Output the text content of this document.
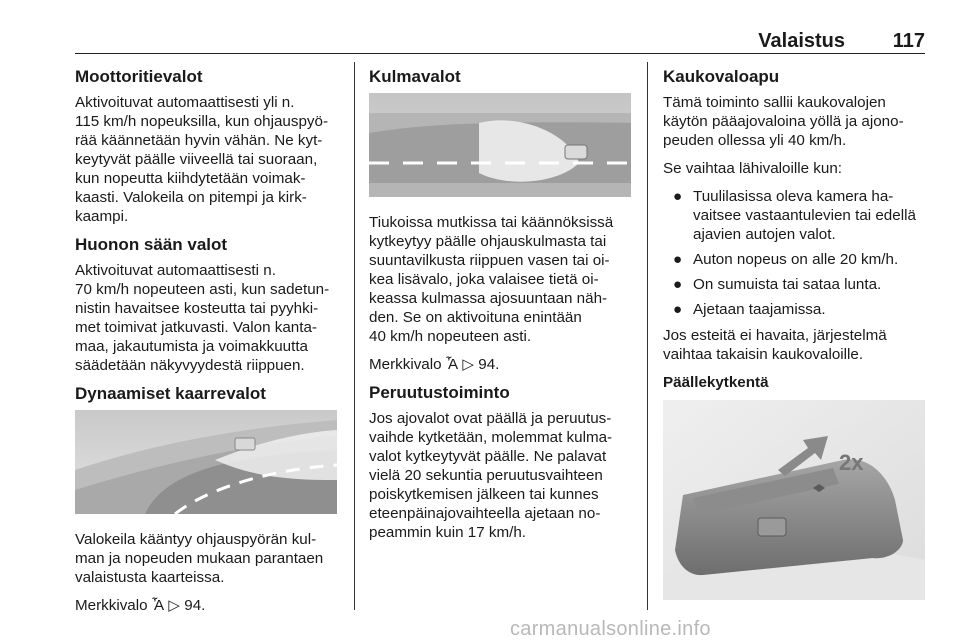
Valaistus 117
Moottoritievalot

Aktivoituvat automaattisesti yli n.
115 km/h nopeuksilla, kun ohjauspyö-
rää käännetään hyvin vähän. Ne kyt-
keytyvät päälle viiveellä tai suoraan,
kun nopeutta kiihdytetään voimak-
kaasti. Valokeila on pitempi ja kirk-
kaampi.

Huonon sään valot

Aktivoituvat automaattisesti n.
70 km/h nopeuteen asti, kun sadetun-
nistin havaitsee kosteutta tai pyyhki-
met toimivat jatkuvasti. Valon kanta-
maa, jakautumista ja voimakkuutta
säädetään näkyvyydestä riippuen.

Dynaamiset kaarrevalot

Valokeila kääntyy ohjauspyörän kul-
man ja nopeuden mukaan parantaen
valaistusta kaarteissa.

Merkkivalo Ἆ ▷ 94.

Kulmavalot

Tiukoissa mutkissa tai käännöksissä
kytkeytyy päälle ohjauskulmasta tai
suuntavilkusta riippuen vasen tai oi-
kea lisävalo, joka valaisee tietä oi-
keassa kulmassa ajosuuntaan näh-
den. Se on aktivoituna enintään
40 km/h nopeuteen asti.

Merkkivalo Ἆ ▷ 94.

Peruutustoiminto

Jos ajovalot ovat päällä ja peruutus-
vaihde kytketään, molemmat kulma-
valot kytkeytyvät päälle. Ne palavat
vielä 20 sekuntia peruutusvaihteen
poiskytkemisen jälkeen tai kunnes
eteenpäinajovaihteella ajetaan no-
peammin kuin 17 km/h.

Kaukovaloapu

Tämä toiminto sallii kaukovalojen
käytön pääajovaloina yöllä ja ajono-
peuden ollessa yli 40 km/h.

Se vaihtaa lähivaloille kun:

● Tuulilasissa oleva kamera ha-
vaitsee vastaantulevien tai edellä
ajavien autojen valot.
● Auton nopeus on alle 20 km/h.
● On sumuista tai sataa lunta.
● Ajetaan taajamissa.

Jos esteitä ei havaita, järjestelmä
vaihtaa takaisin kaukovaloille.

Päällekytkentä
2x
carmanualsonline.info
